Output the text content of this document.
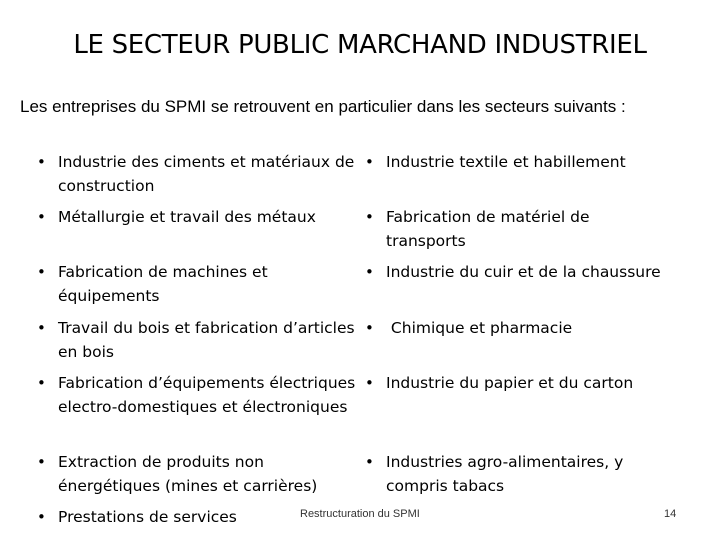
LE SECTEUR PUBLIC MARCHAND INDUSTRIEL
Les entreprises du SPMI se retrouvent en particulier dans les secteurs suivants :
• Industrie des ciments et matériaux de construction
• Métallurgie et travail des métaux
• Fabrication de machines et équipements
• Travail du bois et fabrication d’articles en bois
• Fabrication d’équipements électriques electro-domestiques et électroniques
• Extraction de produits non énergétiques (mines et carrières)
• Prestations de services
• Industrie textile et habillement
• Fabrication de matériel de transports
• Industrie du cuir et de la chaussure
• Chimique et pharmacie
• Industrie du papier et du carton
• Industries agro-alimentaires, y compris tabacs
Restructuration du SPMI	14
